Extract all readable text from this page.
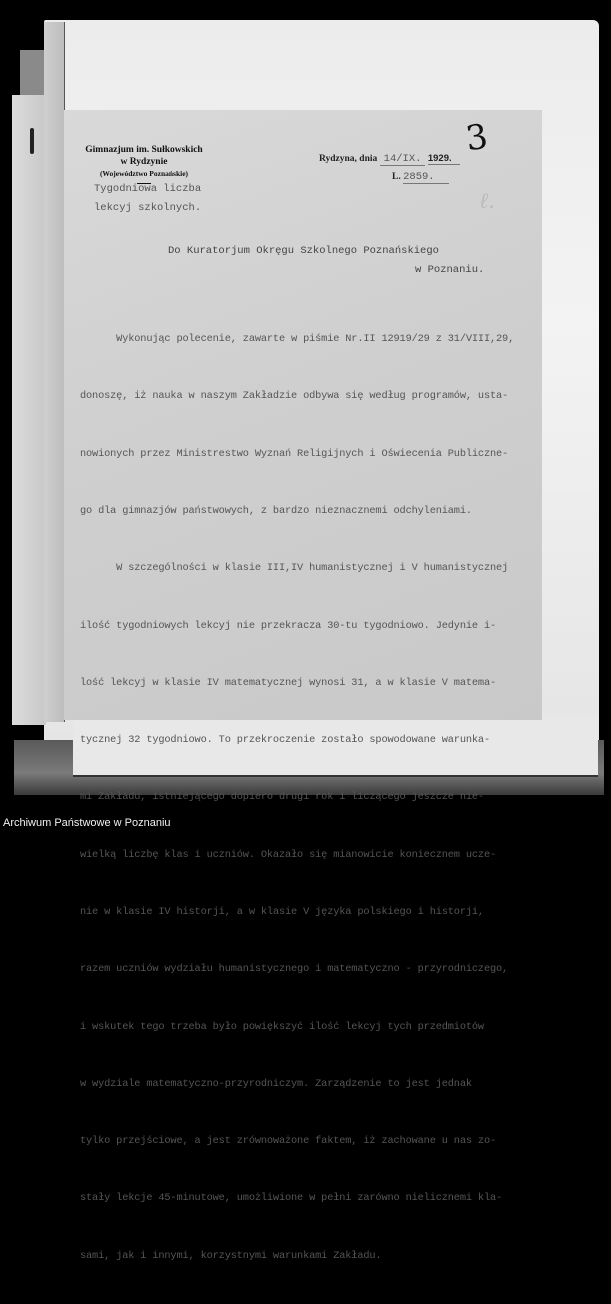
Gimnazjum im. Sułkowskich
w Rydzynie
(Województwo Poznańskie)
Tygodniowa liczba
lekcyj szkolnych.
3
Rydzyna, dnia 14/IX. 1929.
L. 2859.
ℓ.
Do Kuratorjum Okręgu Szkolnego Poznańskiego
w Poznaniu.

Wykonując polecenie, zawarte w piśmie Nr.II 12919/29 z 31/VIII,29,

donoszę, iż nauka w naszym Zakładzie odbywa się według programów, usta-

nowionych przez Ministrestwo Wyznań Religijnych i Oświecenia Publiczne-

go dla gimnazjów państwowych, z bardzo nieznacznemi odchyleniami.

W szczególności w klasie III,IV humanistycznej i V humanistycznej

ilość tygodniowych lekcyj nie przekracza 30-tu tygodniowo. Jedynie i-

lość lekcyj w klasie IV matematycznej wynosi 31, a w klasie V matema-

tycznej 32 tygodniowo. To przekroczenie zostało spowodowane warunka-

mi Zakładu, istniejącego dopiero drugi rok i liczącego jeszcze nie-

wielką liczbę klas i uczniów. Okazało się mianowicie koniecznem ucze-

nie w klasie IV historji, a w klasie V języka polskiego i historji,

razem uczniów wydziału humanistycznego i matematyczno - przyrodniczego,

i wskutek tego trzeba było powiększyć ilość lekcyj tych przedmiotów

w wydziale matematyczno-przyrodniczym. Zarządzenie to jest jednak

tylko przejściowe, a jest zrównoważone faktem, iż zachowane u nas zo-

stały lekcje 45-minutowe, umożliwione w pełni zarówno nielicznemi kla-

sami, jak i innymi, korzystnymi warunkami Zakładu.

Archiwum Państwowe w Poznaniu
